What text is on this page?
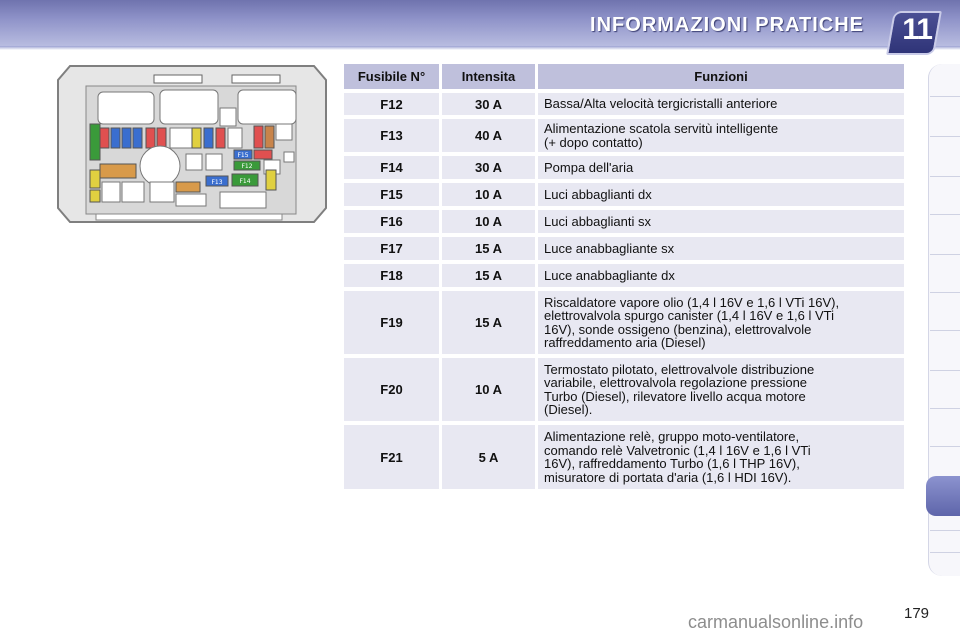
INFORMAZIONI PRATICHE 11
F15
F12
F13	F14
Fusibile N°	Intensita	Funzioni
F12	30 A	Bassa/Alta velocità tergicristalli anteriore
F13	40 A	Alimentazione scatola servitù intelligente
(+ dopo contatto)
F14	30 A	Pompa dell'aria
F15	10 A	Luci abbaglianti dx
F16	10 A	Luci abbaglianti sx
F17	15 A	Luce anabbagliante sx
F18	15 A	Luce anabbagliante dx
F19	15 A
Riscaldatore vapore olio (1,4 l 16V e 1,6 l VTi 16V),
elettrovalvola spurgo canister (1,4 l 16V e 1,6 l VTi
16V), sonde ossigeno (benzina), elettrovalvole
raffreddamento aria (Diesel)
F20	10 A
Termostato pilotato, elettrovalvole distribuzione
variabile, elettrovalvola regolazione pressione
Turbo (Diesel), rilevatore livello acqua motore
(Diesel).
F21	5 A
Alimentazione relè, gruppo moto-ventilatore,
comando relè Valvetronic (1,4 l 16V e 1,6 l VTi
16V), raffreddamento Turbo (1,6 l THP 16V),
misuratore di portata d'aria (1,6 l HDI 16V).
179
carmanualsonline.info
